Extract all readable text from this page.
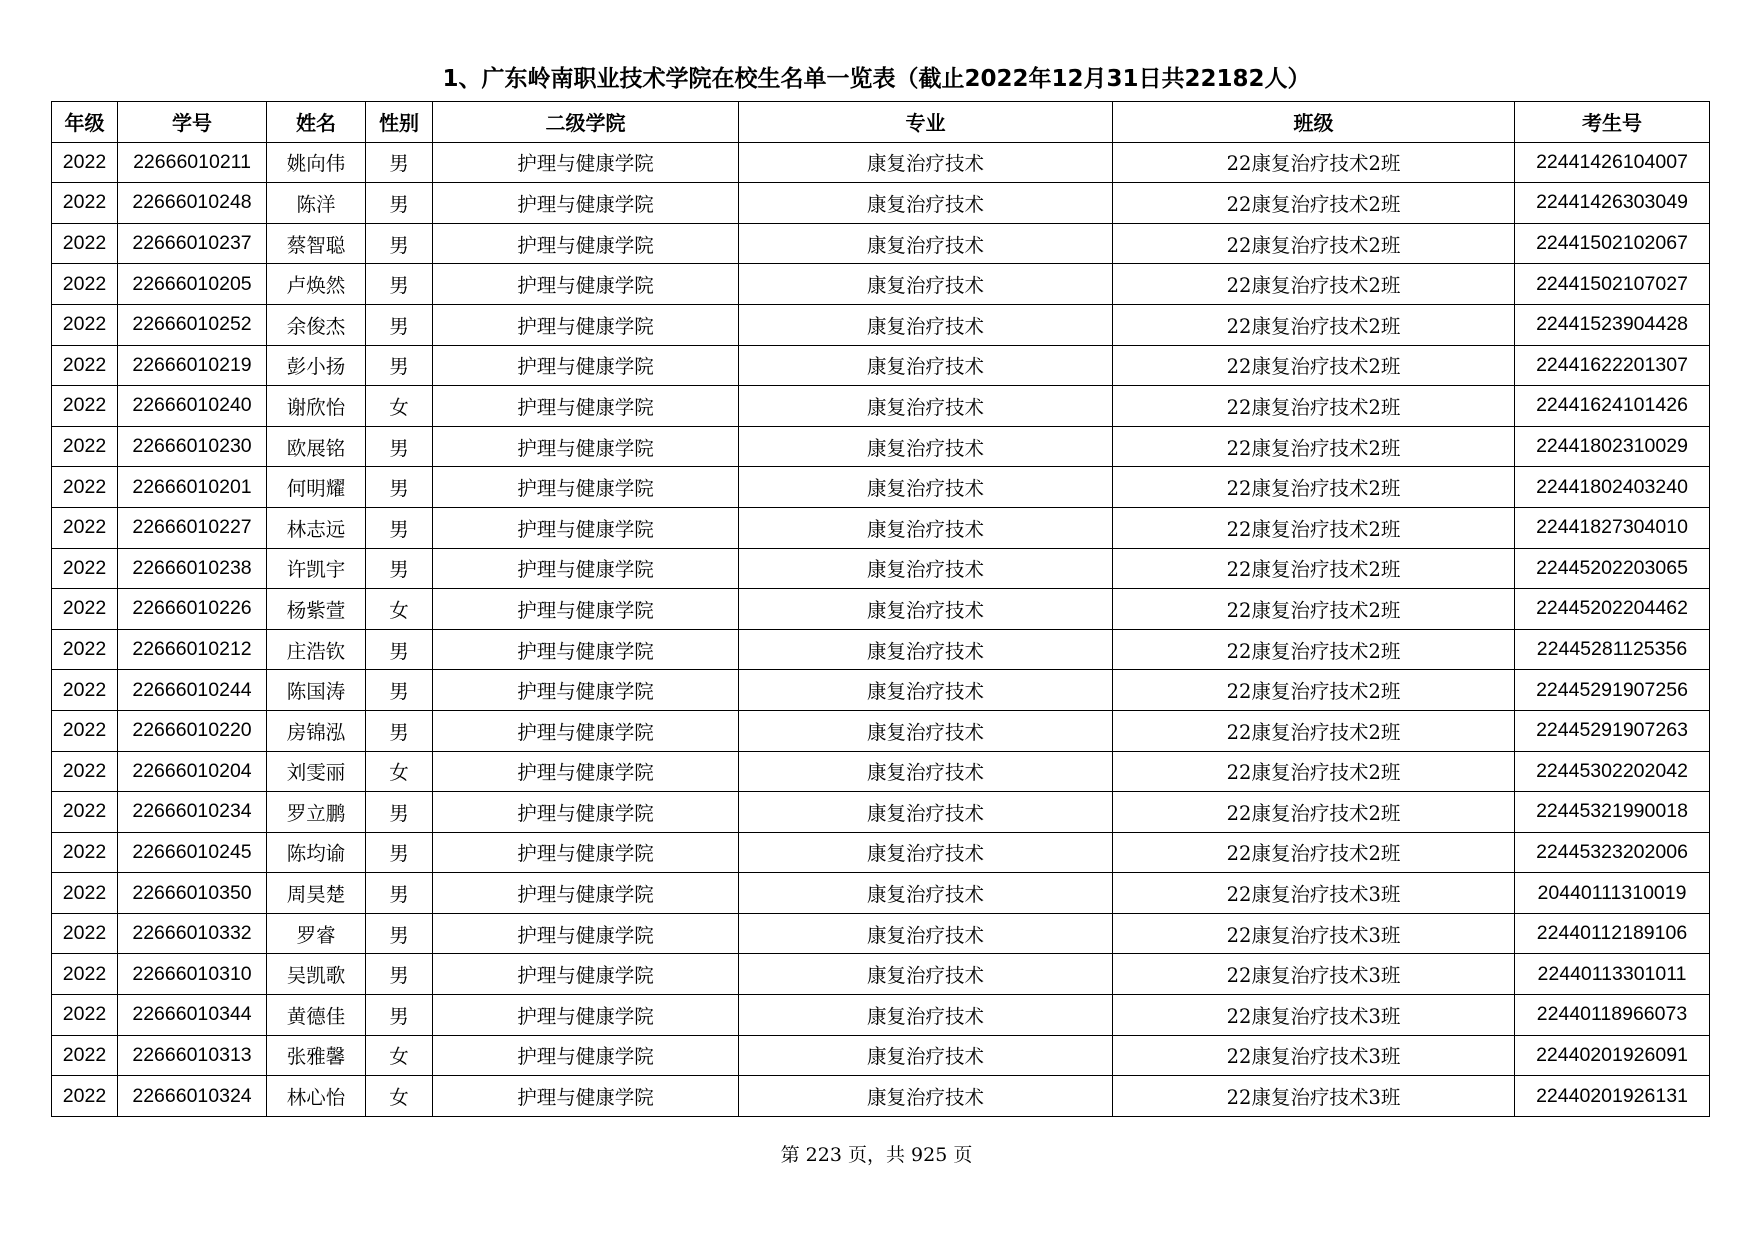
1、广东岭南职业技术学院在校生名单一览表（截止2022年12月31日共22182人）
年级	学号	姓名	性别	二级学院	专业	班级	考生号
2022	22666010211	姚向伟	男	护理与健康学院	康复治疗技术	22康复治疗技术2班	22441426104007
2022	22666010248	陈洋	男	护理与健康学院	康复治疗技术	22康复治疗技术2班	22441426303049
2022	22666010237	蔡智聪	男	护理与健康学院	康复治疗技术	22康复治疗技术2班	22441502102067
2022	22666010205	卢焕然	男	护理与健康学院	康复治疗技术	22康复治疗技术2班	22441502107027
2022	22666010252	余俊杰	男	护理与健康学院	康复治疗技术	22康复治疗技术2班	22441523904428
2022	22666010219	彭小扬	男	护理与健康学院	康复治疗技术	22康复治疗技术2班	22441622201307
2022	22666010240	谢欣怡	女	护理与健康学院	康复治疗技术	22康复治疗技术2班	22441624101426
2022	22666010230	欧展铭	男	护理与健康学院	康复治疗技术	22康复治疗技术2班	22441802310029
2022	22666010201	何明耀	男	护理与健康学院	康复治疗技术	22康复治疗技术2班	22441802403240
2022	22666010227	林志远	男	护理与健康学院	康复治疗技术	22康复治疗技术2班	22441827304010
2022	22666010238	许凯宇	男	护理与健康学院	康复治疗技术	22康复治疗技术2班	22445202203065
2022	22666010226	杨紫萱	女	护理与健康学院	康复治疗技术	22康复治疗技术2班	22445202204462
2022	22666010212	庄浩钦	男	护理与健康学院	康复治疗技术	22康复治疗技术2班	22445281125356
2022	22666010244	陈国涛	男	护理与健康学院	康复治疗技术	22康复治疗技术2班	22445291907256
2022	22666010220	房锦泓	男	护理与健康学院	康复治疗技术	22康复治疗技术2班	22445291907263
2022	22666010204	刘雯丽	女	护理与健康学院	康复治疗技术	22康复治疗技术2班	22445302202042
2022	22666010234	罗立鹏	男	护理与健康学院	康复治疗技术	22康复治疗技术2班	22445321990018
2022	22666010245	陈均谕	男	护理与健康学院	康复治疗技术	22康复治疗技术2班	22445323202006
2022	22666010350	周昊楚	男	护理与健康学院	康复治疗技术	22康复治疗技术3班	20440111310019
2022	22666010332	罗睿	男	护理与健康学院	康复治疗技术	22康复治疗技术3班	22440112189106
2022	22666010310	吴凯歌	男	护理与健康学院	康复治疗技术	22康复治疗技术3班	22440113301011
2022	22666010344	黄德佳	男	护理与健康学院	康复治疗技术	22康复治疗技术3班	22440118966073
2022	22666010313	张雅馨	女	护理与健康学院	康复治疗技术	22康复治疗技术3班	22440201926091
2022	22666010324	林心怡	女	护理与健康学院	康复治疗技术	22康复治疗技术3班	22440201926131
第 223 页，共 925 页
